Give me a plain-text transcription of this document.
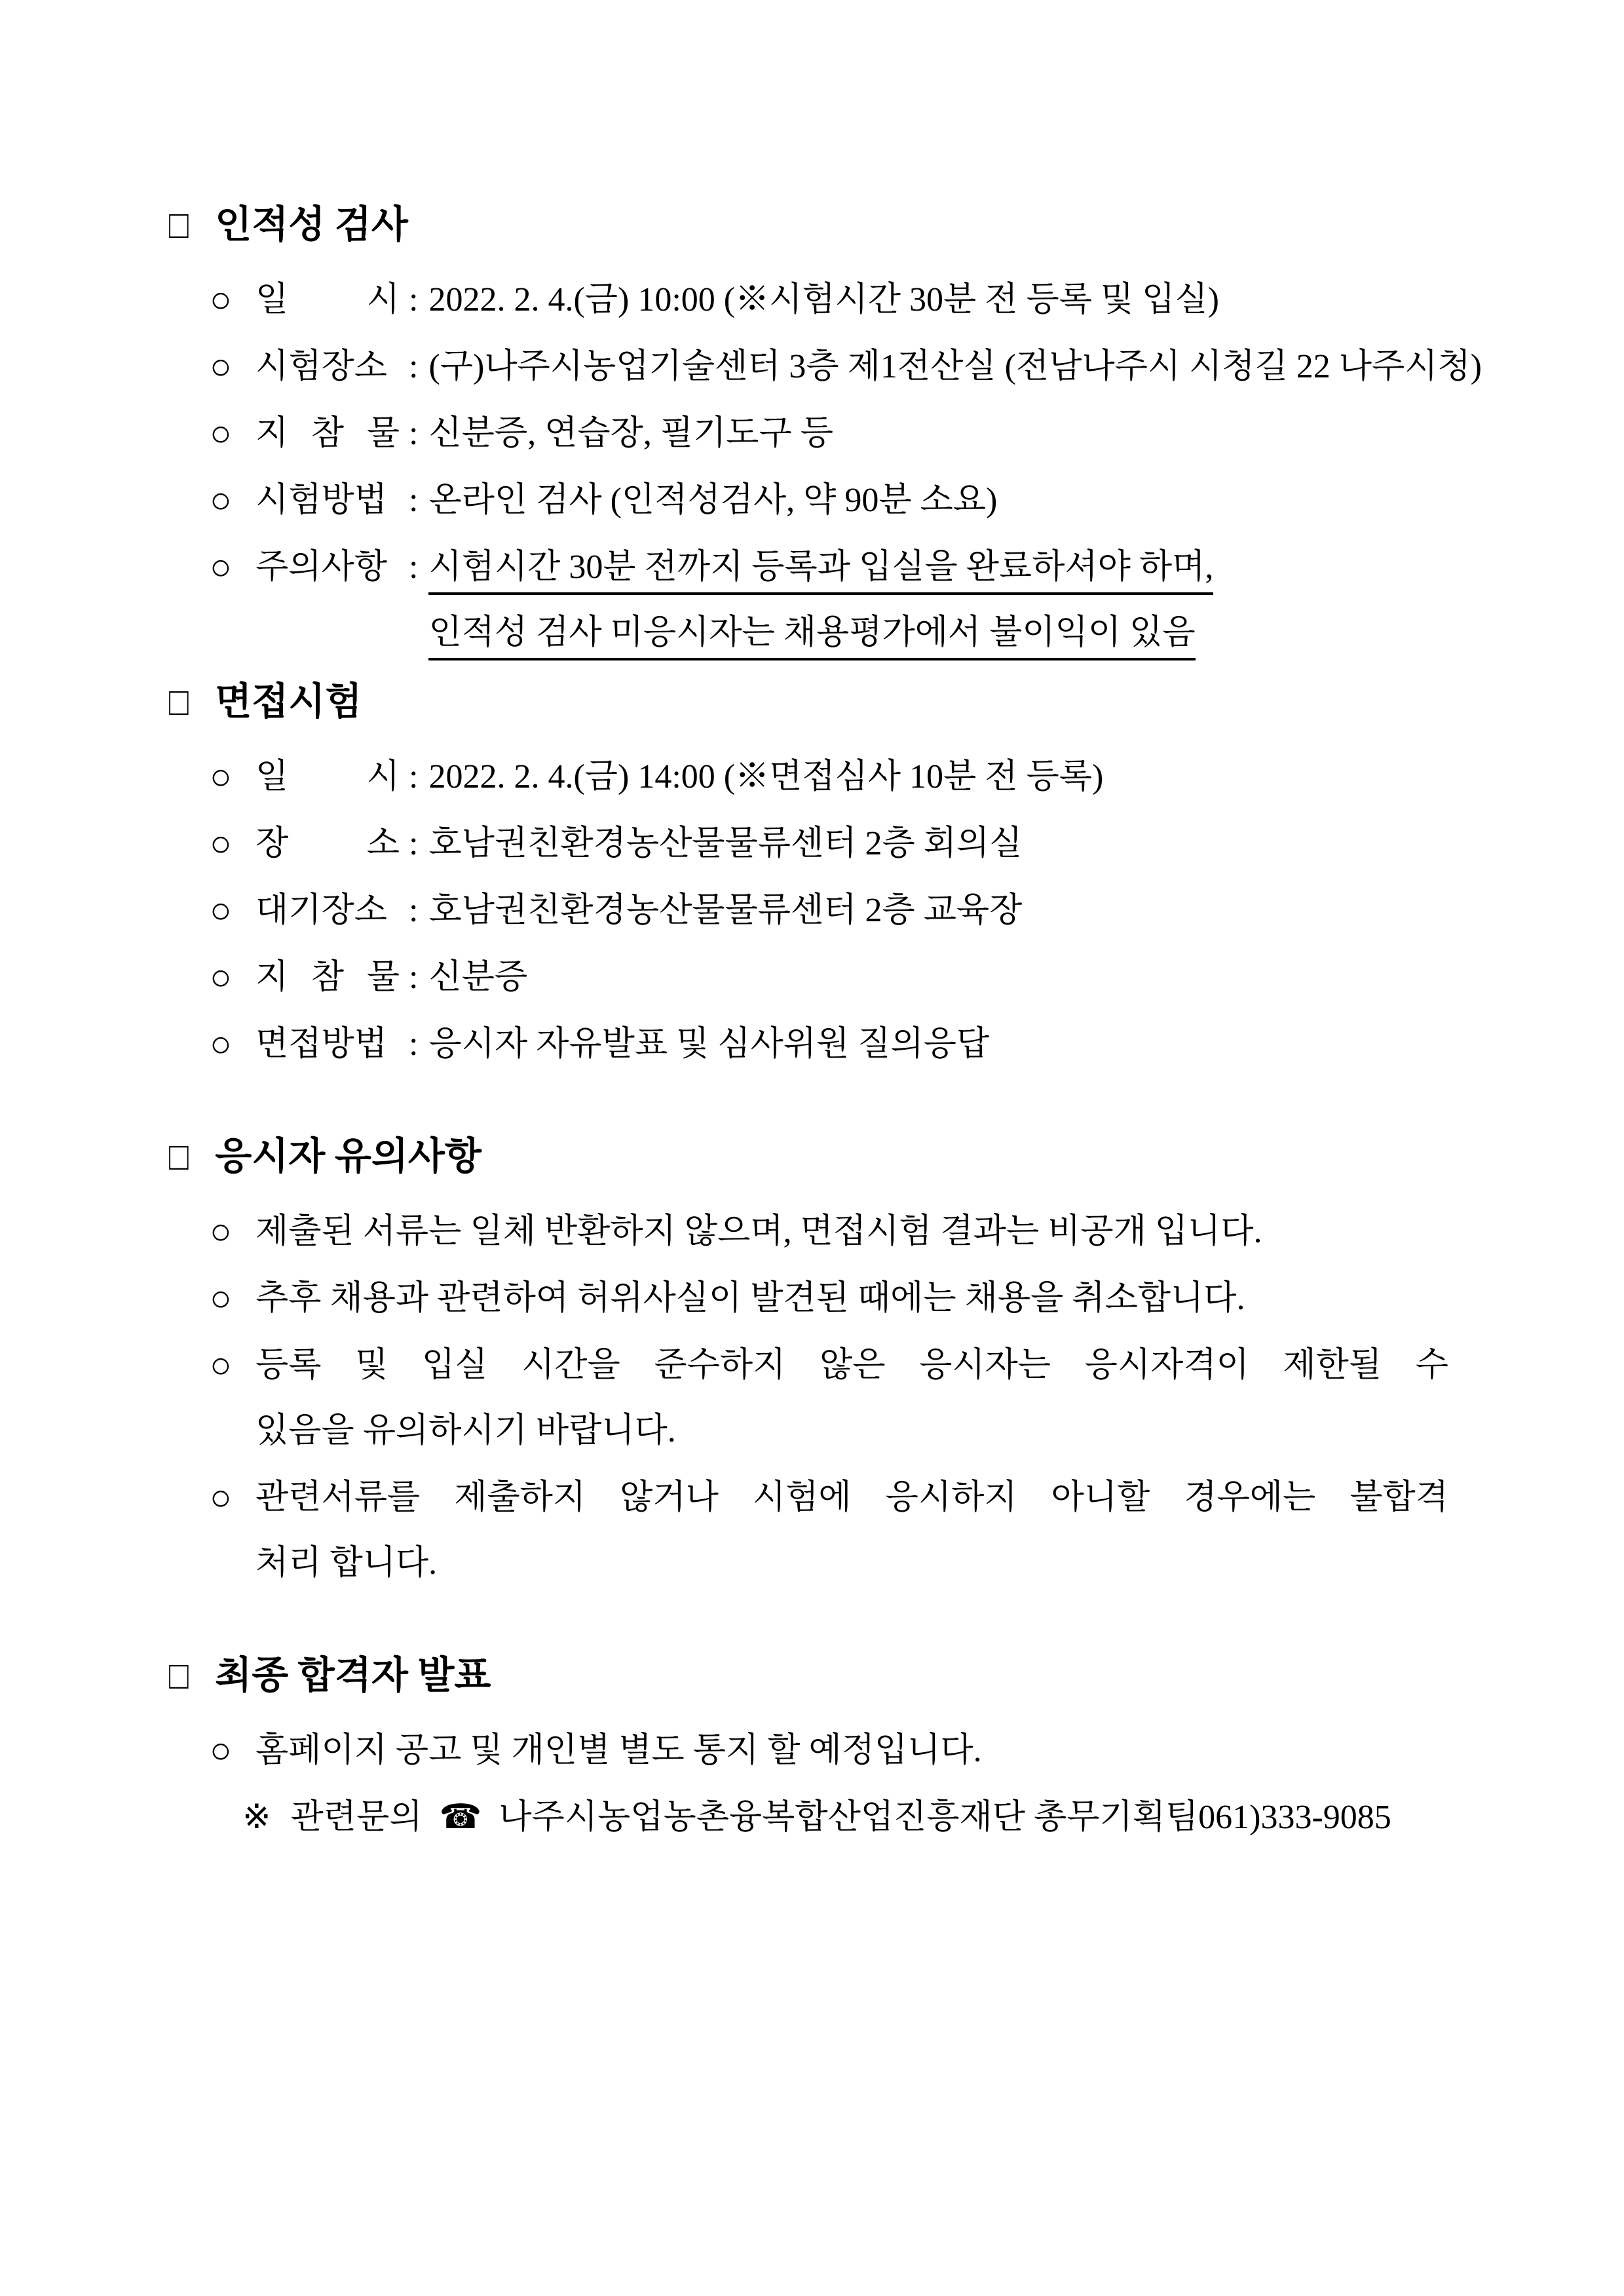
□ 인적성 검사
○ 일　시 : 2022. 2. 4.(금) 10:00 (※시험시간 30분 전 등록 및 입실)
○ 시험장소 : (구)나주시농업기술센터 3층 제1전산실 (전남나주시 시청길 22 나주시청)
○ 지 참 물 : 신분증, 연습장, 필기도구 등
○ 시험방법 : 온라인 검사 (인적성검사, 약 90분 소요)
○ 주의사항 : 시험시간 30분 전까지 등록과 입실을 완료하셔야 하며,
인적성 검사 미응시자는 채용평가에서 불이익이 있음
□ 면접시험
○ 일　시 : 2022. 2. 4.(금) 14:00 (※면접심사 10분 전 등록)
○ 장　소 : 호남권친환경농산물물류센터 2층 회의실
○ 대기장소 : 호남권친환경농산물물류센터 2층 교육장
○ 지 참 물 : 신분증
○ 면접방법 : 응시자 자유발표 및 심사위원 질의응답
□ 응시자 유의사항
○ 제출된 서류는 일체 반환하지 않으며, 면접시험 결과는 비공개 입니다.
○ 추후 채용과 관련하여 허위사실이 발견된 때에는 채용을 취소합니다.
○ 등록 및 입실 시간을 준수하지 않은 응시자는 응시자격이 제한될 수
있음을 유의하시기 바랍니다.
○ 관련서류를 제출하지 않거나 시험에 응시하지 아니할 경우에는 불합격
처리 합니다.
□ 최종 합격자 발표
○ 홈페이지 공고 및 개인별 별도 통지 할 예정입니다.
※ 관련문의 ☎ 나주시농업농촌융복합산업진흥재단 총무기획팀061)333-9085
